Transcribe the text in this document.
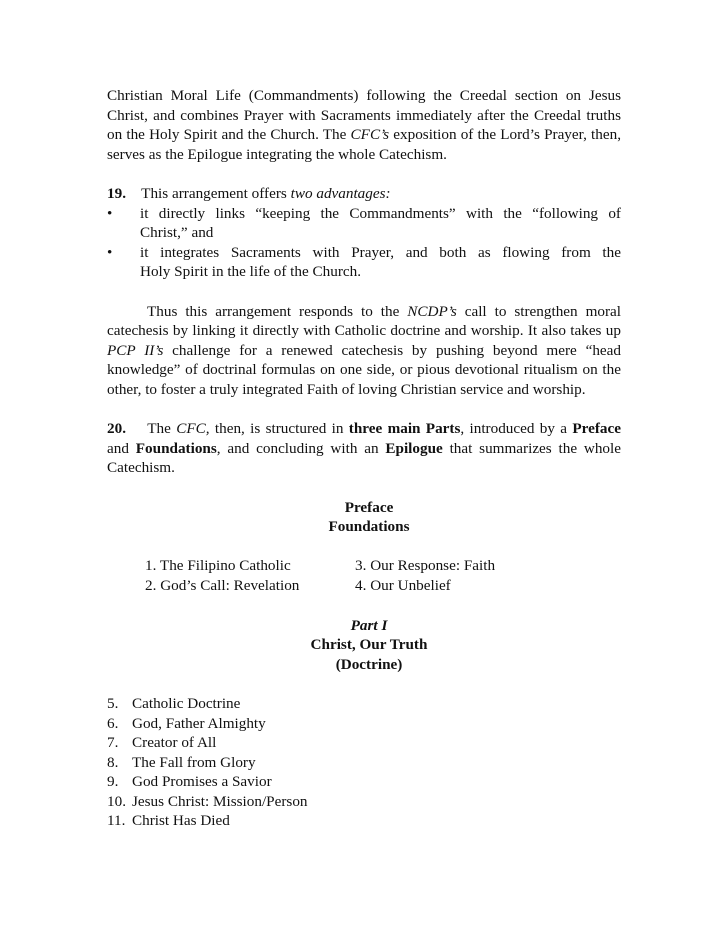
Christian Moral Life (Commandments) following the Creedal section on Jesus Christ, and combines Prayer with Sacraments immediately after the Creedal truths on the Holy Spirit and the Church. The CFC’s exposition of the Lord’s Prayer, then, serves as the Epilogue integrating the whole Catechism.

19. This arrangement offers two advantages:

•	it directly links “keeping the Commandments” with the “following of
Christ,” and
•	it integrates Sacraments with Prayer, and both as flowing from the
Holy Spirit in the life of the Church.

Thus this arrangement responds to the NCDP’s call to strengthen moral catechesis by linking it directly with Catholic doctrine and worship. It also takes up PCP II’s challenge for a renewed catechesis by pushing beyond mere “head knowledge” of doctrinal formulas on one side, or pious devotional ritualism on the other, to foster a truly integrated Faith of loving Christian service and worship.

20. The CFC, then, is structured in three main Parts, introduced by a Preface and Foundations, and concluding with an Epilogue that summarizes the whole Catechism.

Preface

Foundations

1. The Filipino Catholic
2. God’s Call: Revelation
3. Our Response: Faith
4. Our Unbelief

Part I

Christ, Our Truth

(Doctrine)

5. Catholic Doctrine
6. God, Father Almighty
7. Creator of All
8. The Fall from Glory
9. God Promises a Savior
10. Jesus Christ: Mission/Person
11. Christ Has Died
